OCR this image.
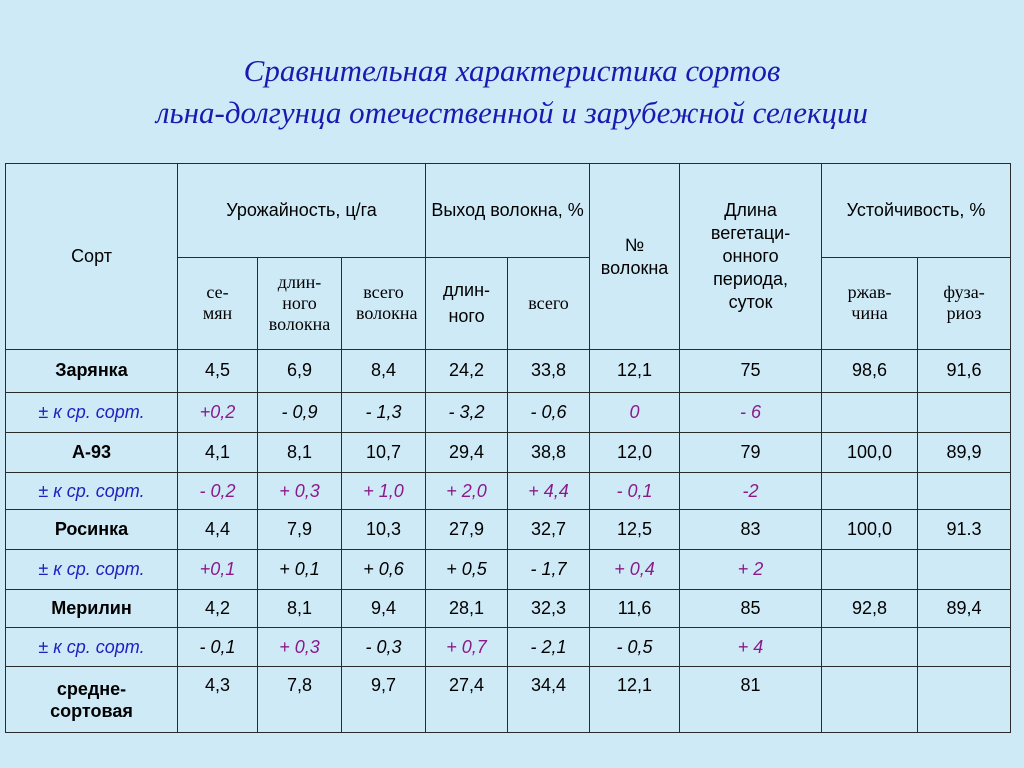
Сравнительная характеристика сортов
льна-долгунца отечественной и зарубежной селекции
Сорт	Урожайность, ц/га			Выход волокна, %		№ волокна	Длина вегетаци-онного периода, суток	Устойчивость, %	
	се-мян	длин-ного волокна	всего волокна	длин-ного	всего			ржав-чина	фуза-риоз
Зарянка	4,5	6,9	8,4	24,2	33,8	12,1	75	98,6	91,6
± к ср. сорт.	+0,2	- 0,9	- 1,3	- 3,2	- 0,6	0	- 6		
А-93	4,1	8,1	10,7	29,4	38,8	12,0	79	100,0	89,9
± к ср. сорт.	- 0,2	+ 0,3	+ 1,0	+ 2,0	+ 4,4	- 0,1	-2		
Росинка	4,4	7,9	10,3	27,9	32,7	12,5	83	100,0	91.3
± к ср. сорт.	+0,1	+ 0,1	+ 0,6	+ 0,5	- 1,7	+ 0,4	+ 2		
Мерилин	4,2	8,1	9,4	28,1	32,3	11,6	85	92,8	89,4
± к ср. сорт.	- 0,1	+ 0,3	- 0,3	+ 0,7	- 2,1	- 0,5	+ 4		
средне-сортовая	4,3	7,8	9,7	27,4	34,4	12,1	81		
